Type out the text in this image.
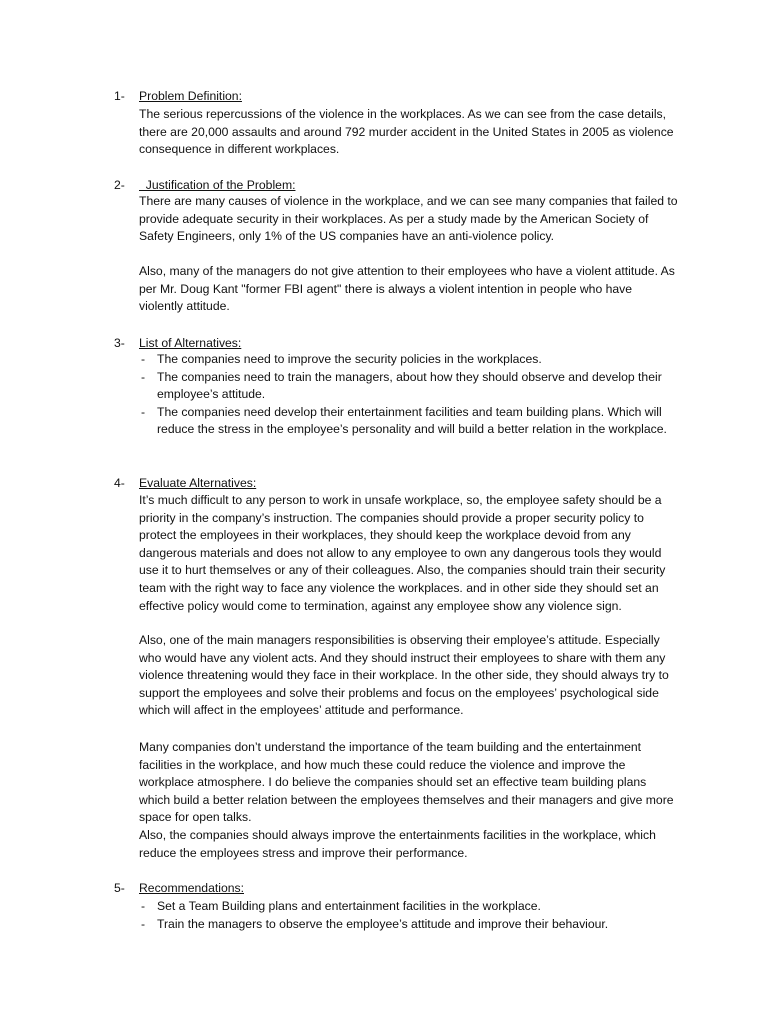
1- Problem Definition:
The serious repercussions of the violence in the workplaces. As we can see from the case details, there are 20,000 assaults and around 792 murder accident in the United States in 2005 as violence consequence in different workplaces.
2- Justification of the Problem:
There are many causes of violence in the workplace, and we can see many companies that failed to provide adequate security in their workplaces. As per a study made by the American Society of Safety Engineers, only 1% of the US companies have an anti-violence policy.
Also, many of the managers do not give attention to their employees who have a violent attitude. As per Mr. Doug Kant "former FBI agent" there is always a violent intention in people who have violently attitude.
3- List of Alternatives:
- The companies need to improve the security policies in the workplaces.
- The companies need to train the managers, about how they should observe and develop their employee’s attitude.
- The companies need develop their entertainment facilities and team building plans. Which will reduce the stress in the employee’s personality and will build a better relation in the workplace.
4- Evaluate Alternatives:
It’s much difficult to any person to work in unsafe workplace, so, the employee safety should be a priority in the company’s instruction. The companies should provide a proper security policy to protect the employees in their workplaces, they should keep the workplace devoid from any dangerous materials and does not allow to any employee to own any dangerous tools they would use it to hurt themselves or any of their colleagues. Also, the companies should train their security team with the right way to face any violence the workplaces. and in other side they should set an effective policy would come to termination, against any employee show any violence sign.
Also, one of the main managers responsibilities is observing their employee’s attitude. Especially who would have any violent acts. And they should instruct their employees to share with them any violence threatening would they face in their workplace. In the other side, they should always try to support the employees and solve their problems and focus on the employees’ psychological side which will affect in the employees’ attitude and performance.
Many companies don’t understand the importance of the team building and the entertainment facilities in the workplace, and how much these could reduce the violence and improve the workplace atmosphere. I do believe the companies should set an effective team building plans which build a better relation between the employees themselves and their managers and give more space for open talks.
Also, the companies should always improve the entertainments facilities in the workplace, which reduce the employees stress and improve their performance.
5- Recommendations:
- Set a Team Building plans and entertainment facilities in the workplace.
- Train the managers to observe the employee’s attitude and improve their behaviour.
